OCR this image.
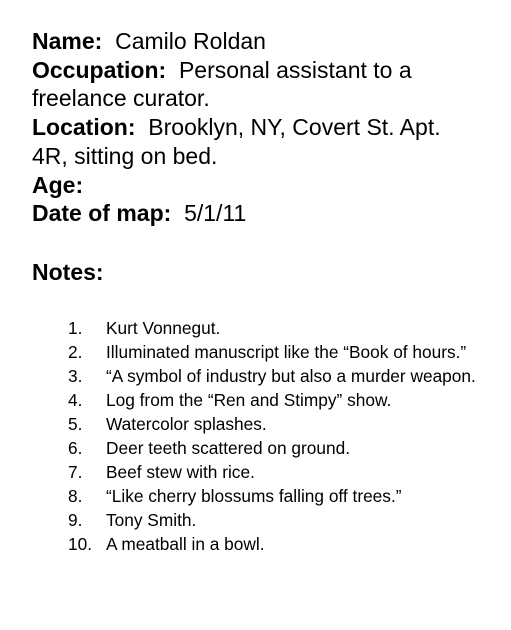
Name: Camilo Roldan

Occupation: Personal assistant to a freelance curator.

Location: Brooklyn, NY, Covert St. Apt. 4R, sitting on bed.

Age:

Date of map: 5/1/11

Notes:
1.	Kurt Vonnegut.
2.	Illuminated manuscript like the “Book of hours.”
3.	“A symbol of industry but also a murder weapon.
4.	Log from the “Ren and Stimpy” show.
5.	Watercolor splashes.
6.	Deer teeth scattered on ground.
7.	Beef stew with rice.
8.	“Like cherry blossums falling off trees.”
9.	Tony Smith.
10. A meatball in a bowl.
